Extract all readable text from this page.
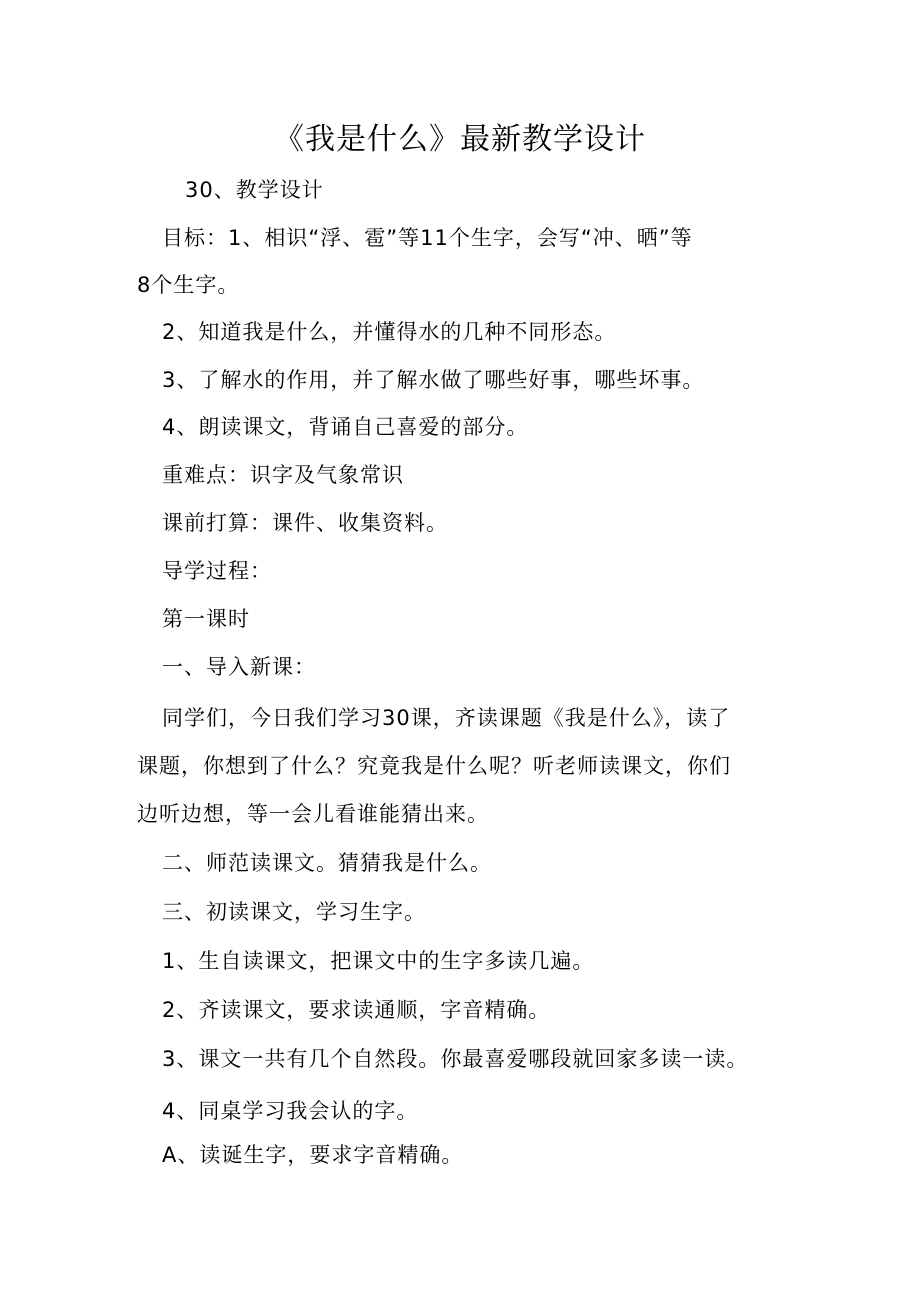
《我是什么》最新教学设计
30、教学设计
目标：1、相识“浮、雹”等11个生字，会写“冲、晒”等
8个生字。
2、知道我是什么，并懂得水的几种不同形态。
3、了解水的作用，并了解水做了哪些好事，哪些坏事。
4、朗读课文，背诵自己喜爱的部分。
重难点：识字及气象常识
课前打算：课件、收集资料。
导学过程：
第一课时
一、导入新课：
同学们，今日我们学习30课，齐读课题《我是什么》，读了
课题，你想到了什么？究竟我是什么呢？听老师读课文，你们
边听边想，等一会儿看谁能猜出来。
二、师范读课文。猜猜我是什么。
三、初读课文，学习生字。
1、生自读课文，把课文中的生字多读几遍。
2、齐读课文，要求读通顺，字音精确。
3、课文一共有几个自然段。你最喜爱哪段就回家多读一读。
4、同桌学习我会认的字。
A、读诞生字，要求字音精确。
